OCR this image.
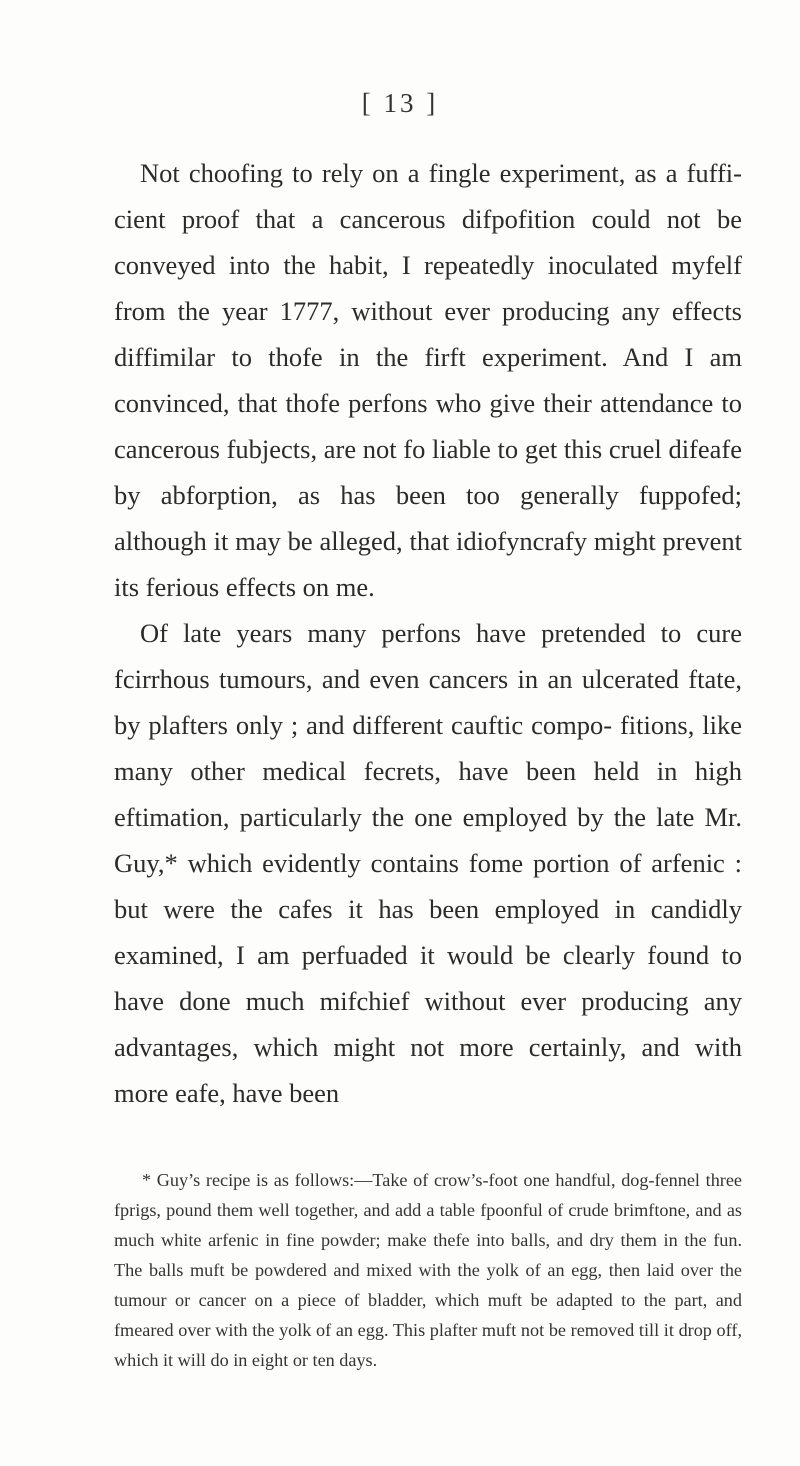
[ 13 ]

Not choofing to rely on a fingle experiment, as a fuffi- cient proof that a cancerous difpofition could not be conveyed into the habit, I repeatedly inoculated myfelf from the year 1777, without ever producing any effects diffimilar to thofe in the firft experiment. And I am convinced, that thofe perfons who give their attendance to cancerous fubjects, are not fo liable to get this cruel difeafe by abforption, as has been too generally fuppofed; although it may be alleged, that idiofyncrafy might prevent its ferious effects on me.

Of late years many perfons have pretended to cure fcirrhous tumours, and even cancers in an ulcerated ftate, by plafters only ; and different cauftic compo- fitions, like many other medical fecrets, have been held in high eftimation, particularly the one employed by the late Mr. Guy,* which evidently contains fome portion of arfenic : but were the cafes it has been employed in candidly examined, I am perfuaded it would be clearly found to have done much mifchief without ever producing any advantages, which might not more certainly, and with more eafe, have been

* Guy’s recipe is as follows:—Take of crow’s-foot one handful, dog-fennel three fprigs, pound them well together, and add a table fpoonful of crude brimftone, and as much white arfenic in fine powder; make thefe into balls, and dry them in the fun. The balls muft be powdered and mixed with the yolk of an egg, then laid over the tumour or cancer on a piece of bladder, which muft be adapted to the part, and fmeared over with the yolk of an egg. This plafter muft not be removed till it drop off, which it will do in eight or ten days.
